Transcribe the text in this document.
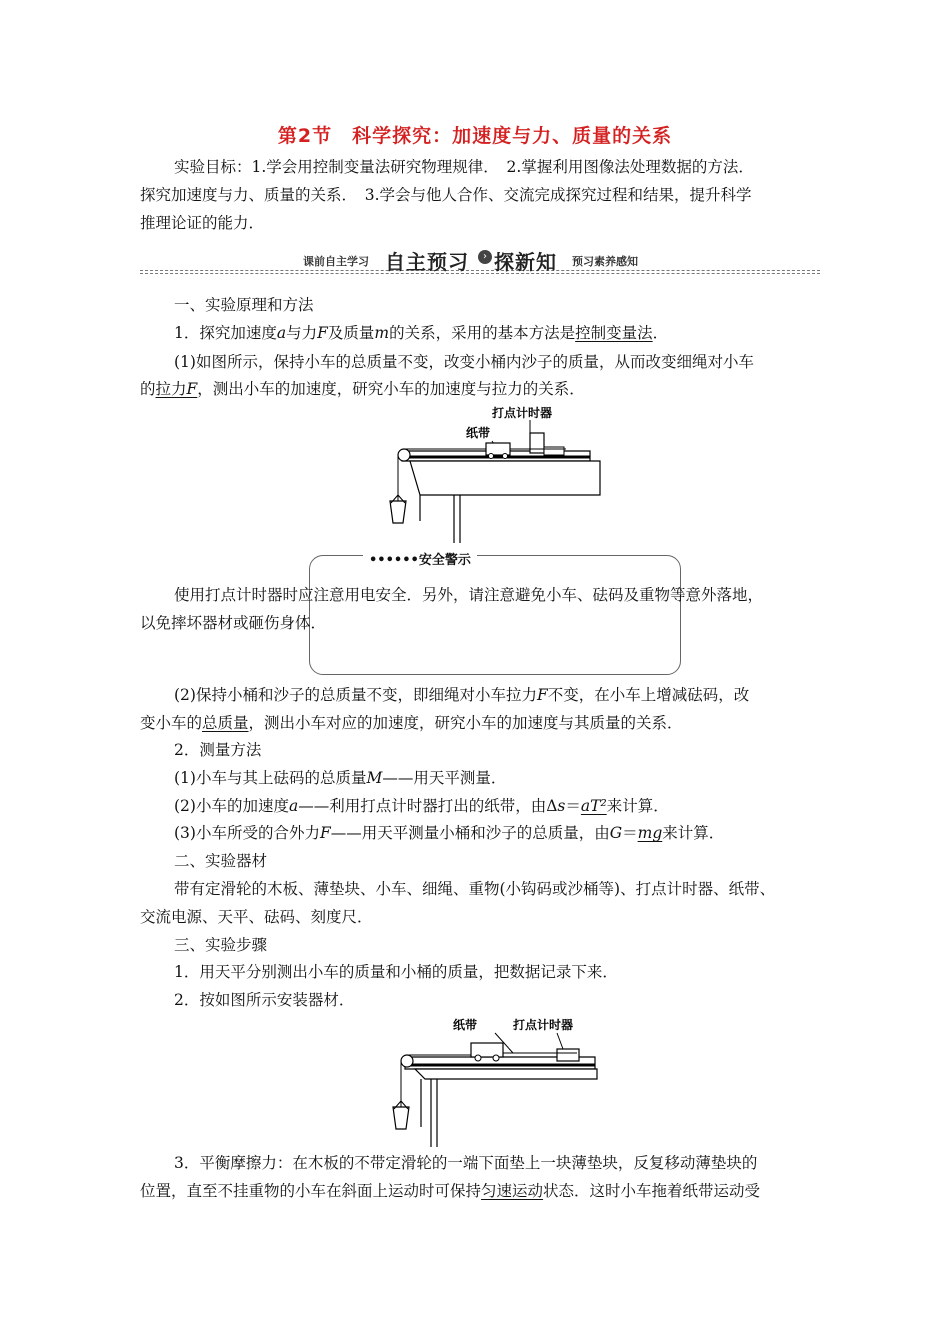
第2节　科学探究：加速度与力、质量的关系
实验目标：1.学会用控制变量法研究物理规律．　2.掌握利用图像法处理数据的方法．
探究加速度与力、质量的关系．　3.学会与他人合作、交流完成探究过程和结果，提升科学
推理论证的能力．
课前自主学习 自主预习	› 探新知 预习素养感知
一、实验原理和方法
1．探究加速度a与力F及质量m的关系，采用的基本方法是控制变量法．
(1)如图所示，保持小车的总质量不变，改变小桶内沙子的质量，从而改变细绳对小车
的拉力F，测出小车的加速度，研究小车的加速度与拉力的关系．
打点计时器
纸带
••••••安全警示
使用打点计时器时应注意用电安全．另外，请注意避免小车、砝码及重物等意外落地，
以免摔坏器材或砸伤身体．
(2)保持小桶和沙子的总质量不变，即细绳对小车拉力F不变，在小车上增减砝码，改
变小车的总质量，测出小车对应的加速度，研究小车的加速度与其质量的关系．
2．测量方法
(1)小车与其上砝码的总质量M——用天平测量．
(2)小车的加速度a——利用打点计时器打出的纸带，由Δs＝aT²来计算．
(3)小车所受的合外力F——用天平测量小桶和沙子的总质量，由G＝mg来计算．
二、实验器材
带有定滑轮的木板、薄垫块、小车、细绳、重物(小钩码或沙桶等)、打点计时器、纸带、
交流电源、天平、砝码、刻度尺．
三、实验步骤
1．用天平分别测出小车的质量和小桶的质量，把数据记录下来．
2．按如图所示安装器材．
纸带	打点计时器
3．平衡摩擦力：在木板的不带定滑轮的一端下面垫上一块薄垫块，反复移动薄垫块的
位置，直至不挂重物的小车在斜面上运动时可保持匀速运动状态．这时小车拖着纸带运动受
